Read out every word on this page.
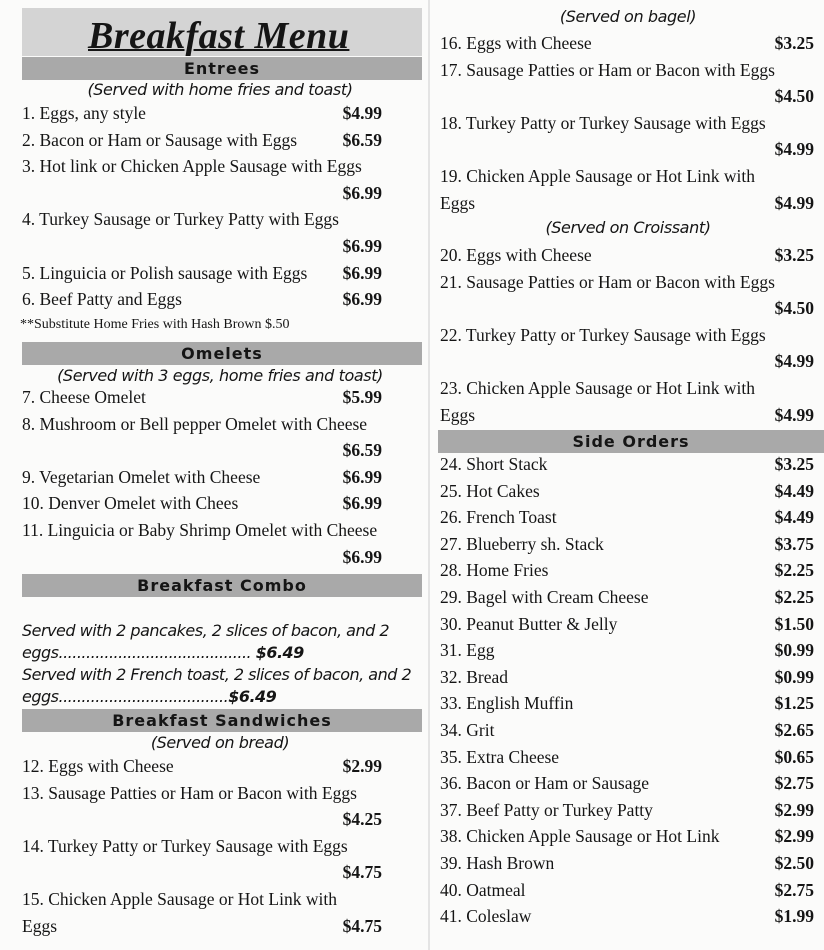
Breakfast Menu
Entrees
(Served with home fries and toast)
1. Eggs, any style	$4.99
2. Bacon or Ham or Sausage with Eggs	$6.59
3. Hot link or Chicken Apple Sausage with Eggs
$6.99
4. Turkey Sausage or Turkey Patty with Eggs
$6.99
5. Linguicia or Polish sausage with Eggs $6.99
6. Beef Patty and Eggs	$6.99
**Substitute Home Fries with Hash Brown $.50
Omelets
(Served with 3 eggs, home fries and toast)
7. Cheese Omelet	$5.99
8. Mushroom or Bell pepper Omelet with Cheese
$6.59
9. Vegetarian Omelet with Cheese	$6.99
10. Denver Omelet with Chees	$6.99
11. Linguicia or Baby Shrimp Omelet with Cheese
$6.99
Breakfast Combo
Served with 2 pancakes, 2 slices of bacon, and 2 eggs.......................................... $6.49
Served with 2 French toast, 2 slices of bacon, and 2 eggs.....................................$6.49
Breakfast Sandwiches
(Served on bread)
12. Eggs with Cheese	$2.99
13. Sausage Patties or Ham or Bacon with Eggs
$4.25
14. Turkey Patty or Turkey Sausage with Eggs
$4.75
15. Chicken Apple Sausage or Hot Link with
Eggs	$4.75
(Served on bagel)
16. Eggs with Cheese	$3.25
17. Sausage Patties or Ham or Bacon with Eggs
$4.50
18. Turkey Patty or Turkey Sausage with Eggs
$4.99
19. Chicken Apple Sausage or Hot Link with
Eggs	$4.99
(Served on Croissant)
20. Eggs with Cheese	$3.25
21. Sausage Patties or Ham or Bacon with Eggs
$4.50
22. Turkey Patty or Turkey Sausage with Eggs
$4.99
23. Chicken Apple Sausage or Hot Link with
Eggs	$4.99
Side Orders
24. Short Stack	$3.25
25. Hot Cakes	$4.49
26. French Toast	$4.49
27. Blueberry sh. Stack	$3.75
28. Home Fries	$2.25
29. Bagel with Cream Cheese	$2.25
30. Peanut Butter & Jelly	$1.50
31. Egg	$0.99
32. Bread	$0.99
33. English Muffin	$1.25
34. Grit	$2.65
35. Extra Cheese	$0.65
36. Bacon or Ham or Sausage	$2.75
37. Beef Patty or Turkey Patty	$2.99
38. Chicken Apple Sausage or Hot Link	$2.99
39. Hash Brown	$2.50
40. Oatmeal	$2.75
41. Coleslaw	$1.99
